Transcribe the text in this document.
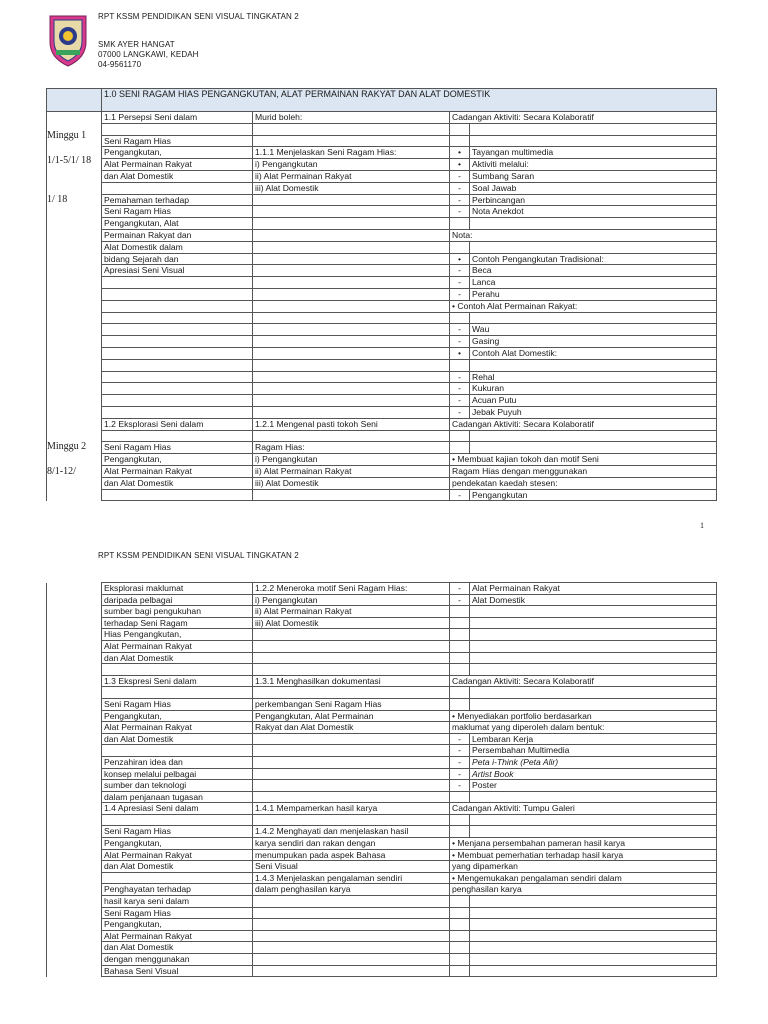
RPT KSSM PENDIDIKAN SENI VISUAL TINGKATAN 2
SMK AYER HANGAT
07000 LANGKAWI, KEDAH
04-9561170
Minggu 1
1/1-5/1/ 18
1/ 18
Minggu 2
8/1-12/
	1.0 SENI RAGAM HIAS PENGANGKUTAN, ALAT PERMAINAN RAKYAT DAN ALAT DOMESTIK			
	1.1 Persepsi Seni dalam	Murid boleh:	Cadangan Aktiviti: Secara Kolaboratif	

	Seni Ragam Hias			
	Pengangkutan,	1.1.1 Menjelaskan Seni Ragam Hias:	•	Tayangan multimedia
	Alat Permainan Rakyat	i) Pengangkutan	•	Aktiviti melalui:
	dan Alat Domestik	ii) Alat Permainan Rakyat	-	Sumbang Saran
		iii) Alat Domestik	-	Soal Jawab
	Pemahaman terhadap		-	Perbincangan
	Seni Ragam Hias		-	Nota Anekdot
	Pengangkutan, Alat			
	Permainan Rakyat dan		Nota:	
	Alat Domestik dalam			
	bidang Sejarah dan		•	Contoh Pengangkutan Tradisional:
	Apresiasi Seni Visual		-	Beca
			-	Lanca
			-	Perahu
			• Contoh Alat Permainan Rakyat:	

			-	Wau
			-	Gasing
			•	Contoh Alat Domestik:

			-	Rehal
			-	Kukuran
			-	Acuan Putu
			-	Jebak Puyuh
	1.2 Eksplorasi Seni dalam	1.2.1 Mengenal pasti tokoh Seni	Cadangan Aktiviti: Secara Kolaboratif	

	Seni Ragam Hias	Ragam Hias:		
	Pengangkutan,	i) Pengangkutan	• Membuat kajian tokoh dan motif Seni	
	Alat Permainan Rakyat	ii) Alat Permainan Rakyat	Ragam Hias dengan menggunakan	
	dan Alat Domestik	iii) Alat Domestik	pendekatan kaedah stesen:	
			-	Pengangkutan
1
RPT KSSM PENDIDIKAN SENI VISUAL TINGKATAN 2
	Eksplorasi maklumat	1.2.2 Meneroka motif Seni Ragam Hias:	-	Alat Permainan Rakyat
	daripada pelbagai	i) Pengangkutan	-	Alat Domestik
	sumber bagi pengukuhan	ii) Alat Permainan Rakyat		
	terhadap Seni Ragam	iii) Alat Domestik		
	Hias Pengangkutan,			
	Alat Permainan Rakyat			
	dan Alat Domestik			

	1.3 Ekspresi Seni dalam	1.3.1 Menghasilkan dokumentasi	Cadangan Aktiviti: Secara Kolaboratif	

	Seni Ragam Hias	perkembangan Seni Ragam Hias		
	Pengangkutan,	Pengangkutan, Alat Permainan	• Menyediakan portfolio berdasarkan	
	Alat Permainan Rakyat	Rakyat dan Alat Domestik	maklumat yang diperoleh dalam bentuk:	
	dan Alat Domestik		-	Lembaran Kerja
			-	Persembahan Multimedia
	Penzahiran idea dan		-	Peta i-Think (Peta Alir)
	konsep melalui pelbagai		-	Artist Book
	sumber dan teknologi		-	Poster
	dalam penjanaan tugasan			
	1.4 Apresiasi Seni dalam	1.4.1 Mempamerkan hasil karya	Cadangan Aktiviti: Tumpu Galeri	

	Seni Ragam Hias	1.4.2 Menghayati dan menjelaskan hasil		
	Pengangkutan,	karya sendiri dan rakan dengan	• Menjana persembahan pameran hasil karya	
	Alat Permainan Rakyat	menumpukan pada aspek Bahasa	• Membuat pemerhatian terhadap hasil karya	
	dan Alat Domestik	Seni Visual	yang dipamerkan	
		1.4.3 Menjelaskan pengalaman sendiri	• Mengemukakan pengalaman sendiri dalam	
	Penghayatan terhadap	dalam penghasilan karya	penghasilan karya	
	hasil karya seni dalam			
	Seni Ragam Hias			
	Pengangkutan,			
	Alat Permainan Rakyat			
	dan Alat Domestik			
	dengan menggunakan			
	Bahasa Seni Visual			
